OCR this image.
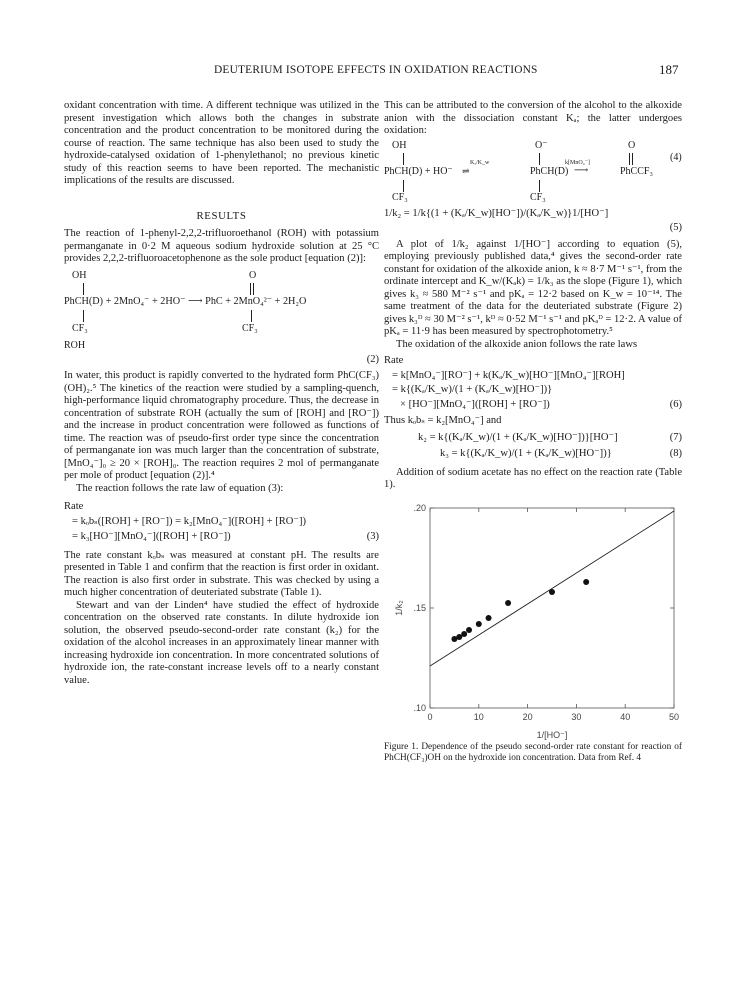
DEUTERIUM ISOTOPE EFFECTS IN OXIDATION REACTIONS	187

oxidant concentration with time. A different technique was utilized in the present investigation which allows both the changes in substrate concentration and the product concentration to be monitored during the course of reaction. The same technique has also been used to study the hydroxide-catalysed oxidation of 1-phenylethanol; no previous kinetic study of this reaction seems to have been reported. The mechanistic implications of the results are discussed.

RESULTS

The reaction of 1-phenyl-2,2,2-trifluoroethanol (ROH) with potassium permanganate in 0·2 M aqueous sodium hydroxide solution at 25 °C provides 2,2,2-trifluoroacetophenone as the sole product [equation (2)]:

OH	O
PhCH(D) + 2MnO₄⁻ + 2HO⁻ ⟶ PhC + 2MnO₄²⁻ + 2H₂O
CF₃	CF₃
ROH
(2)

In water, this product is rapidly converted to the hydrated form PhC(CF₃)(OH)₂.⁵ The kinetics of the reaction were studied by a sampling-quench, high-performance liquid chromatography procedure. Thus, the decrease in concentration of substrate ROH (actually the sum of [ROH] and [RO⁻]) and the increase in product concentration were followed as functions of time. The reaction was of pseudo-first order type since the concentration of permanganate ion was much larger than the concentration of substrate, [MnO₄⁻]₀ ≥ 20 × [ROH]₀. The reaction requires 2 mol of permanganate per mole of product [equation (2)].⁴

The reaction follows the rate law of equation (3):

Rate
= kₒbₛ([ROH] + [RO⁻]) = k₂[MnO₄⁻]([ROH] + [RO⁻])
= k₃[HO⁻][MnO₄⁻]([ROH] + [RO⁻])	(3)

The rate constant kₒbₛ was measured at constant pH. The results are presented in Table 1 and confirm that the reaction is first order in oxidant. The reaction is also first order in substrate. This was checked by using a much higher concentration of deuteriated substrate (Table 1).

Stewart and van der Linden⁴ have studied the effect of hydroxide concentration on the observed rate constants. In dilute hydroxide ion solution, the observed pseudo-second-order rate constant (k₂) for the oxidation of the alcohol increases in an approximately linear manner with increasing hydroxide ion concentration. In more concentrated solutions of hydroxide ion, the rate-constant increase levels off to a nearly constant value.

This can be attributed to the conversion of the alcohol to the alkoxide anion with the dissociation constant Kₐ; the latter undergoes oxidation:

OH	O⁻	O
Kₐ/K_w	k[MnO₄⁻]
PhCH(D) + HO⁻ ⇌	PhCH(D) ⟶	PhCCF₃
(4)
CF₃	CF₃
1/k₂ = 1/k{(1 + (Kₐ/K_w)[HO⁻])/(Kₐ/K_w)}1/[HO⁻]
(5)

A plot of 1/k₂ against 1/[HO⁻] according to equation (5), employing previously published data,⁴ gives the second-order rate constant for oxidation of the alkoxide anion, k ≈ 8·7 M⁻¹ s⁻¹, from the ordinate intercept and K_w/(Kₐk) = 1/k₃ as the slope (Figure 1), which gives k₃ ≈ 580 M⁻² s⁻¹ and pKₐ = 12·2 based on K_w = 10⁻¹⁴. The same treatment of the data for the deuteriated substrate (Figure 2) gives k₃ᴰ ≈ 30 M⁻² s⁻¹, kᴰ ≈ 0·52 M⁻¹ s⁻¹ and pKₐᴰ = 12·2. A value of pKₐ = 11·9 has been measured by spectrophotometry.⁵

The oxidation of the alkoxide anion follows the rate laws

Rate
= k[MnO₄⁻][RO⁻] + k(Kₐ/K_w)[HO⁻][MnO₄⁻][ROH]
= k{(Kₐ/K_w)/(1 + (Kₐ/K_w)[HO⁻])}
× [HO⁻][MnO₄⁻]([ROH] + [RO⁻])	(6)
Thus kₒbₛ = k₂[MnO₄⁻] and
k₂ = k{(Kₐ/K_w)/(1 + (Kₐ/K_w)[HO⁻])}[HO⁻]	(7)
k₃ = k{(Kₐ/K_w)/(1 + (Kₐ/K_w)[HO⁻])}	(8)

Addition of sodium acetate has no effect on the reaction rate (Table 1).

0	10	20	30	40	50
.10
.15
.20
1/[HO⁻]
1/k₂
Figure 1. Dependence of the pseudo second-order rate constant for reaction of PhCH(CF₃)OH on the hydroxide ion concentration. Data from Ref. 4
